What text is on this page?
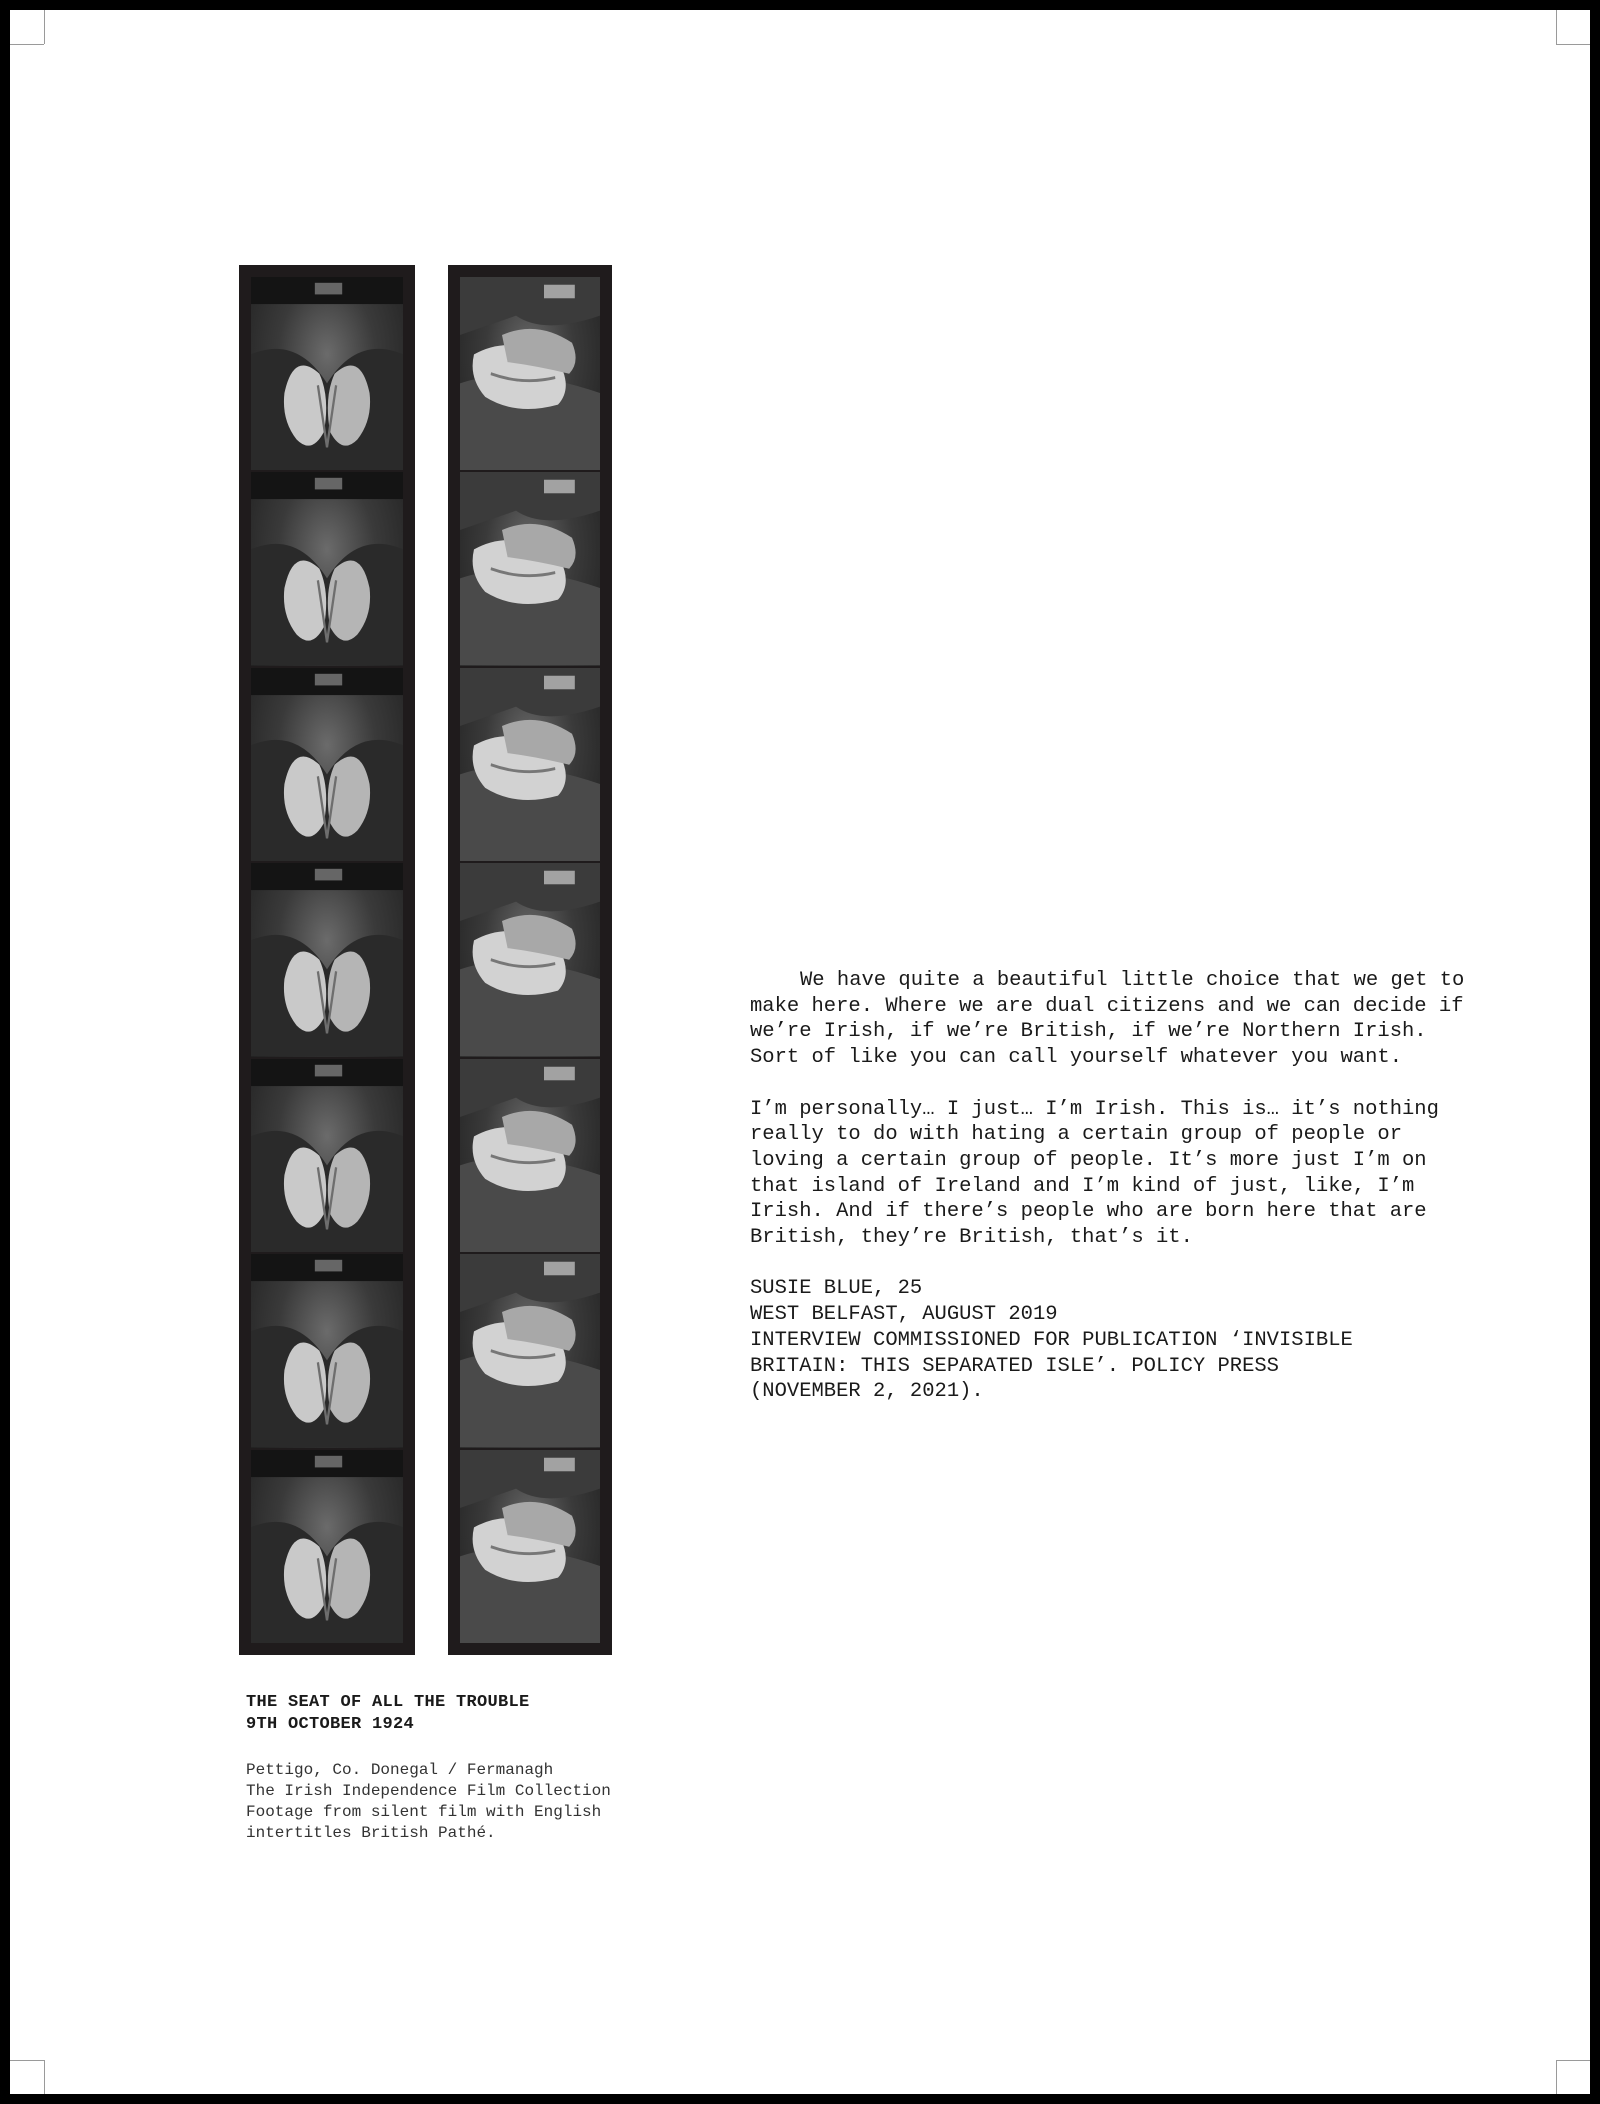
We have quite a beautiful little choice that we get to make here. Where we are dual citizens and we can decide if we’re Irish, if we’re British, if we’re Northern Irish. Sort of like you can call yourself whatever you want.

I’m personally… I just… I’m Irish. This is… it’s nothing really to do with hating a certain group of people or loving a certain group of people. It’s more just I’m on that island of Ireland and I’m kind of just, like, I’m Irish. And if there’s people who are born here that are British, they’re British, that’s it.

SUSIE BLUE, 25
WEST BELFAST, AUGUST 2019
INTERVIEW COMMISSIONED FOR PUBLICATION ‘INVISIBLE
BRITAIN: THIS SEPARATED ISLE’. POLICY PRESS
(NOVEMBER 2, 2021).
THE SEAT OF ALL THE TROUBLE
9TH OCTOBER 1924
Pettigo, Co. Donegal / Fermanagh
The Irish Independence Film Collection
Footage from silent film with English
intertitles British Pathé.
